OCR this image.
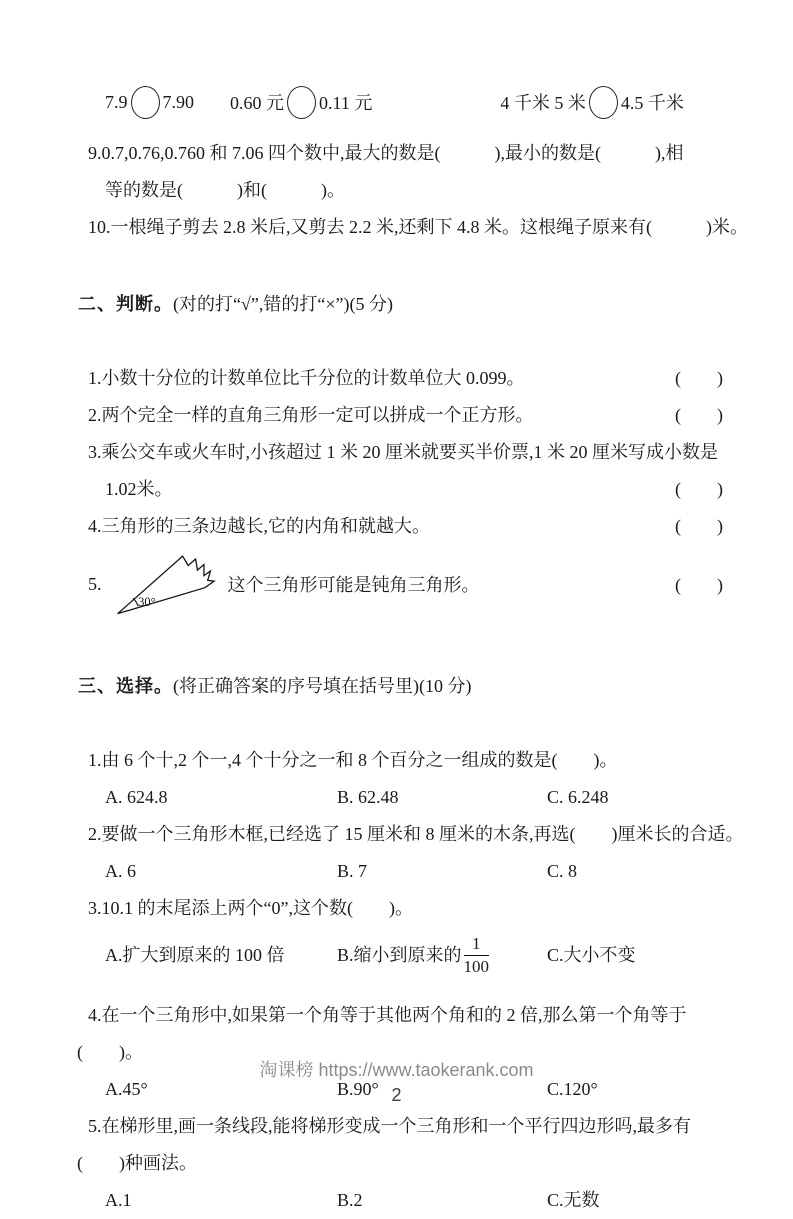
7.9 7.90 0.60 元 0.11 元	4 千米 5 米 4.5 千米
9.0.7,0.76,0.760 和 7.06 四个数中,最大的数是(　　　),最小的数是(　　　),相
等的数是(　　　)和(　　　)。
10.一根绳子剪去 2.8 米后,又剪去 2.2 米,还剩下 4.8 米。这根绳子原来有(　　　)米。

二、判断。(对的打“√”,错的打“×”)(5 分)

1.小数十分位的计数单位比千分位的计数单位大 0.099。	(　　)
2.两个完全一样的直角三角形一定可以拼成一个正方形。	(　　)
3.乘公交车或火车时,小孩超过 1 米 20 厘米就要买半价票,1 米 20 厘米写成小数是
1.02米。	(　　)
4.三角形的三条边越长,它的内角和就越大。	(　　)
5.
30°
这个三角形可能是钝角三角形。	(　　)

三、选择。(将正确答案的序号填在括号里)(10 分)

1.由 6 个十,2 个一,4 个十分之一和 8 个百分之一组成的数是(　　)。
A. 624.8	B. 62.48	C. 6.248
2.要做一个三角形木框,已经选了 15 厘米和 8 厘米的木条,再选(　　)厘米长的合适。
A. 6	B. 7	C. 8
3.10.1 的末尾添上两个“0”,这个数(　　)。
A.扩大到原来的 100 倍	B.缩小到原来的 $\frac{1}{100}$	C.大小不变
4.在一个三角形中,如果第一个角等于其他两个角和的 2 倍,那么第一个角等于
(　　)。
A.45°	B.90°	C.120°
5.在梯形里,画一条线段,能将梯形变成一个三角形和一个平行四边形吗,最多有
(　　)种画法。
A.1	B.2	C.无数
淘课榜 https://www.taokerank.com
2
